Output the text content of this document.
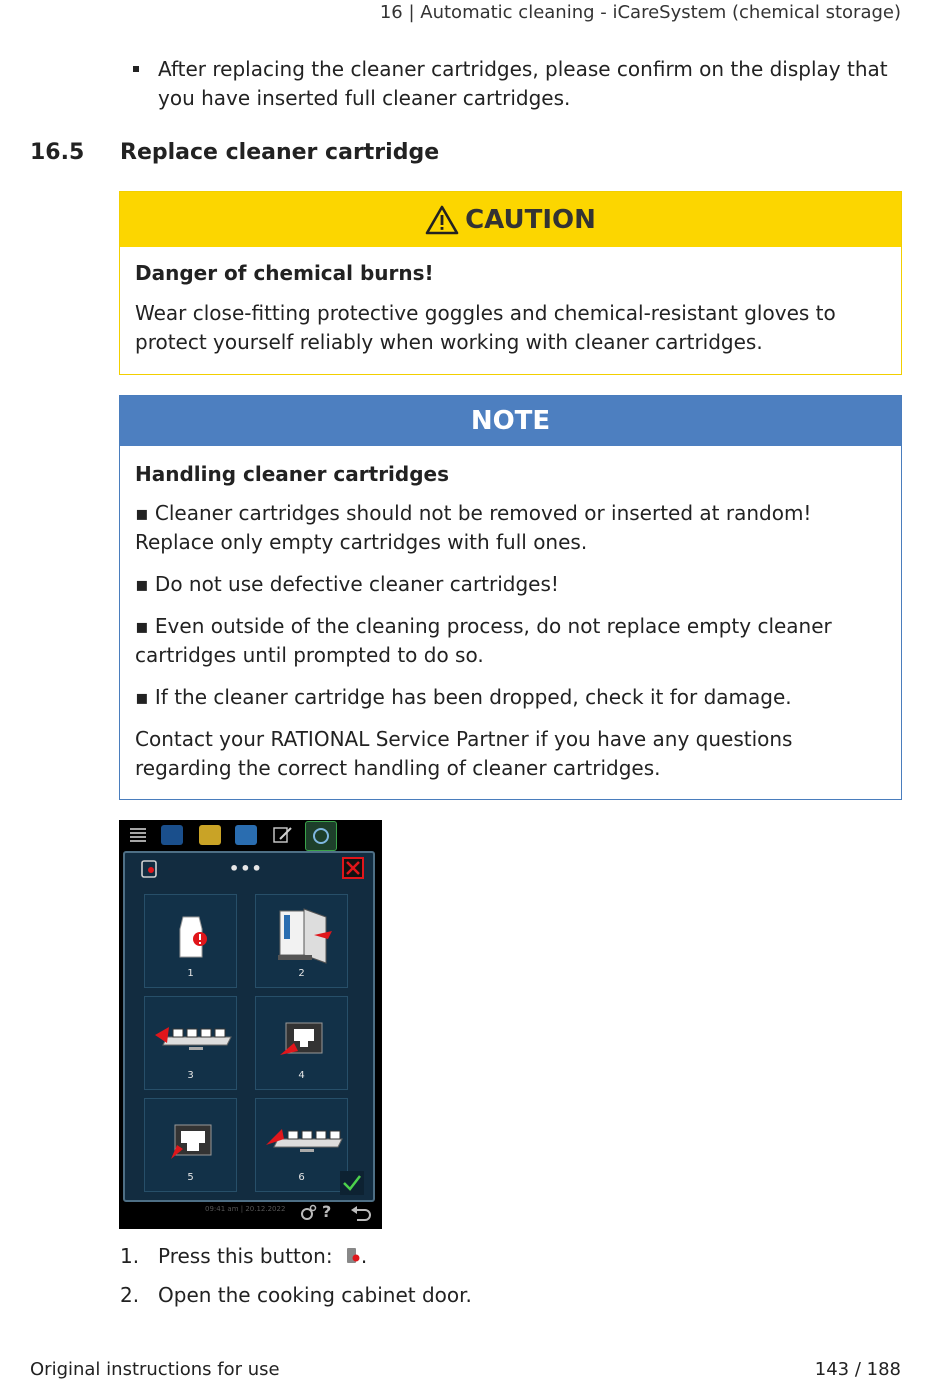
16 | Automatic cleaning - iCareSystem (chemical storage)
After replacing the cleaner cartridges, please confirm on the display that you have inserted full cleaner cartridges.
16.5 Replace cleaner cartridge
CAUTION
Danger of chemical burns!
Wear close-fitting protective goggles and chemical-resistant gloves to protect yourself reliably when working with cleaner cartridges.
NOTE
Handling cleaner cartridges
▪ Cleaner cartridges should not be removed or inserted at random! Replace only empty cartridges with full ones.
▪ Do not use defective cleaner cartridges!
▪ Even outside of the cleaning process, do not replace empty cleaner cartridges until prompted to do so.
▪ If the cleaner cartridge has been dropped, check it for damage.
Contact your RATIONAL Service Partner if you have any questions regarding the correct handling of cleaner cartridges.
•••
1	2
3	4
5	6
09:41 am | 20.12.2022 ?
1. Press this button: .
2. Open the cooking cabinet door.
Original instructions for use	143 / 188
